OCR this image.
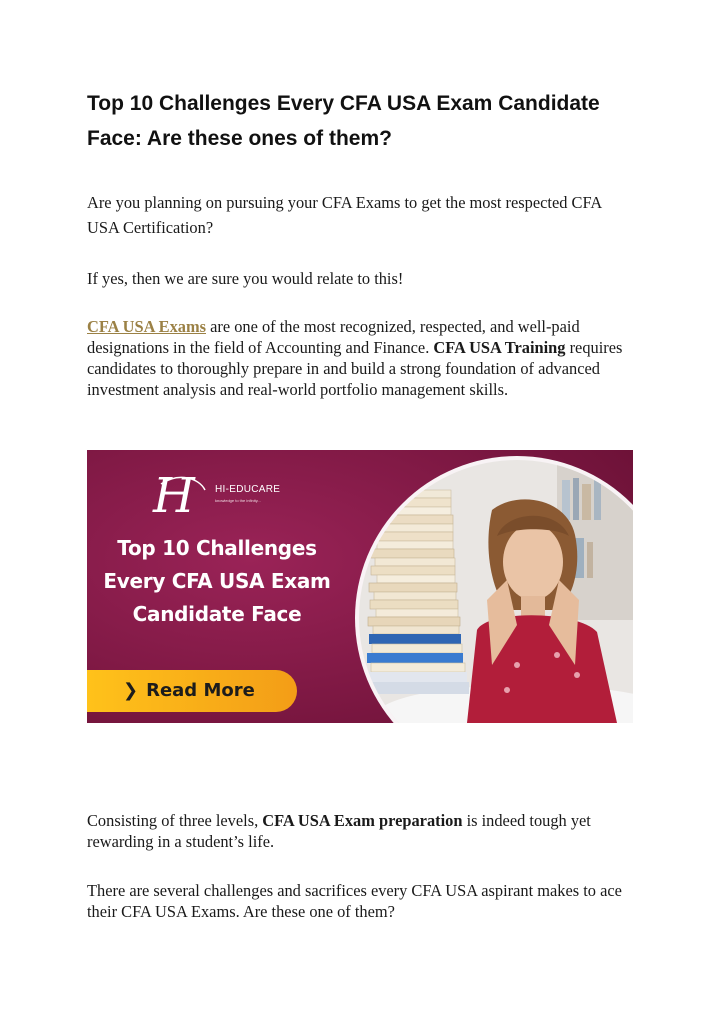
Top 10 Challenges Every CFA USA Exam Candidate Face: Are these ones of them?

Are you planning on pursuing your CFA Exams to get the most respected CFA USA Certification?

If yes, then we are sure you would relate to this!

CFA USA Exams are one of the most recognized, respected, and well-paid designations in the field of Accounting and Finance. CFA USA Training requires candidates to thoroughly prepare in and build a strong foundation of advanced investment analysis and real-world portfolio management skills.

H HI-EDUCARE
knowledge to the infinity...
Top 10 Challenges
Every CFA USA Exam
Candidate Face
❯ Read More

Consisting of three levels, CFA USA Exam preparation is indeed tough yet rewarding in a student’s life.

There are several challenges and sacrifices every CFA USA aspirant makes to ace their CFA USA Exams. Are these one of them?
